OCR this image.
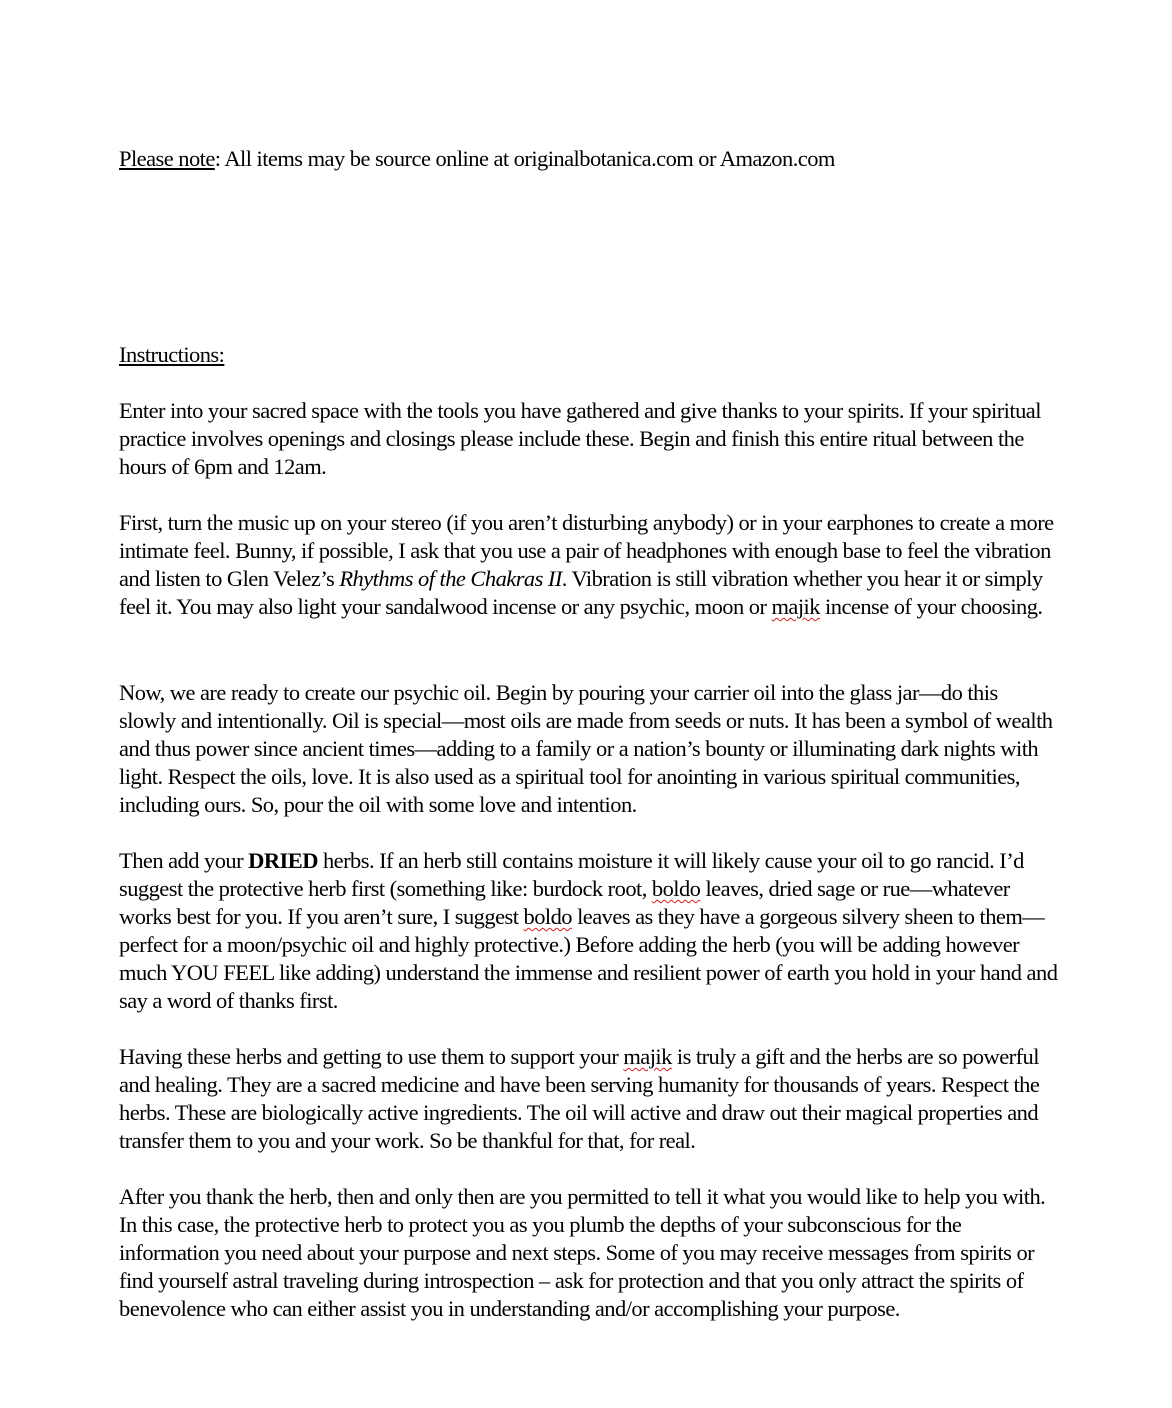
Please note: All items may be source online at originalbotanica.com or Amazon.com
Instructions:

Enter into your sacred space with the tools you have gathered and give thanks to your spirits. If your spiritual practice involves openings and closings please include these. Begin and finish this entire ritual between the hours of 6pm and 12am.

First, turn the music up on your stereo (if you aren’t disturbing anybody) or in your earphones to create a more intimate feel. Bunny, if possible, I ask that you use a pair of headphones with enough base to feel the vibration and listen to Glen Velez’s Rhythms of the Chakras II. Vibration is still vibration whether you hear it or simply feel it. You may also light your sandalwood incense or any psychic, moon or majik incense of your choosing.

Now, we are ready to create our psychic oil. Begin by pouring your carrier oil into the glass jar—do this slowly and intentionally. Oil is special—most oils are made from seeds or nuts. It has been a symbol of wealth and thus power since ancient times—adding to a family or a nation’s bounty or illuminating dark nights with light. Respect the oils, love. It is also used as a spiritual tool for anointing in various spiritual communities, including ours. So, pour the oil with some love and intention.

Then add your DRIED herbs. If an herb still contains moisture it will likely cause your oil to go rancid. I’d suggest the protective herb first (something like: burdock root, boldo leaves, dried sage or rue—whatever works best for you. If you aren’t sure, I suggest boldo leaves as they have a gorgeous silvery sheen to them—perfect for a moon/psychic oil and highly protective.) Before adding the herb (you will be adding however much YOU FEEL like adding) understand the immense and resilient power of earth you hold in your hand and say a word of thanks first.

Having these herbs and getting to use them to support your majik is truly a gift and the herbs are so powerful and healing. They are a sacred medicine and have been serving humanity for thousands of years. Respect the herbs. These are biologically active ingredients. The oil will active and draw out their magical properties and transfer them to you and your work. So be thankful for that, for real.

After you thank the herb, then and only then are you permitted to tell it what you would like to help you with. In this case, the protective herb to protect you as you plumb the depths of your subconscious for the information you need about your purpose and next steps. Some of you may receive messages from spirits or find yourself astral traveling during introspection – ask for protection and that you only attract the spirits of benevolence who can either assist you in understanding and/or accomplishing your purpose.
